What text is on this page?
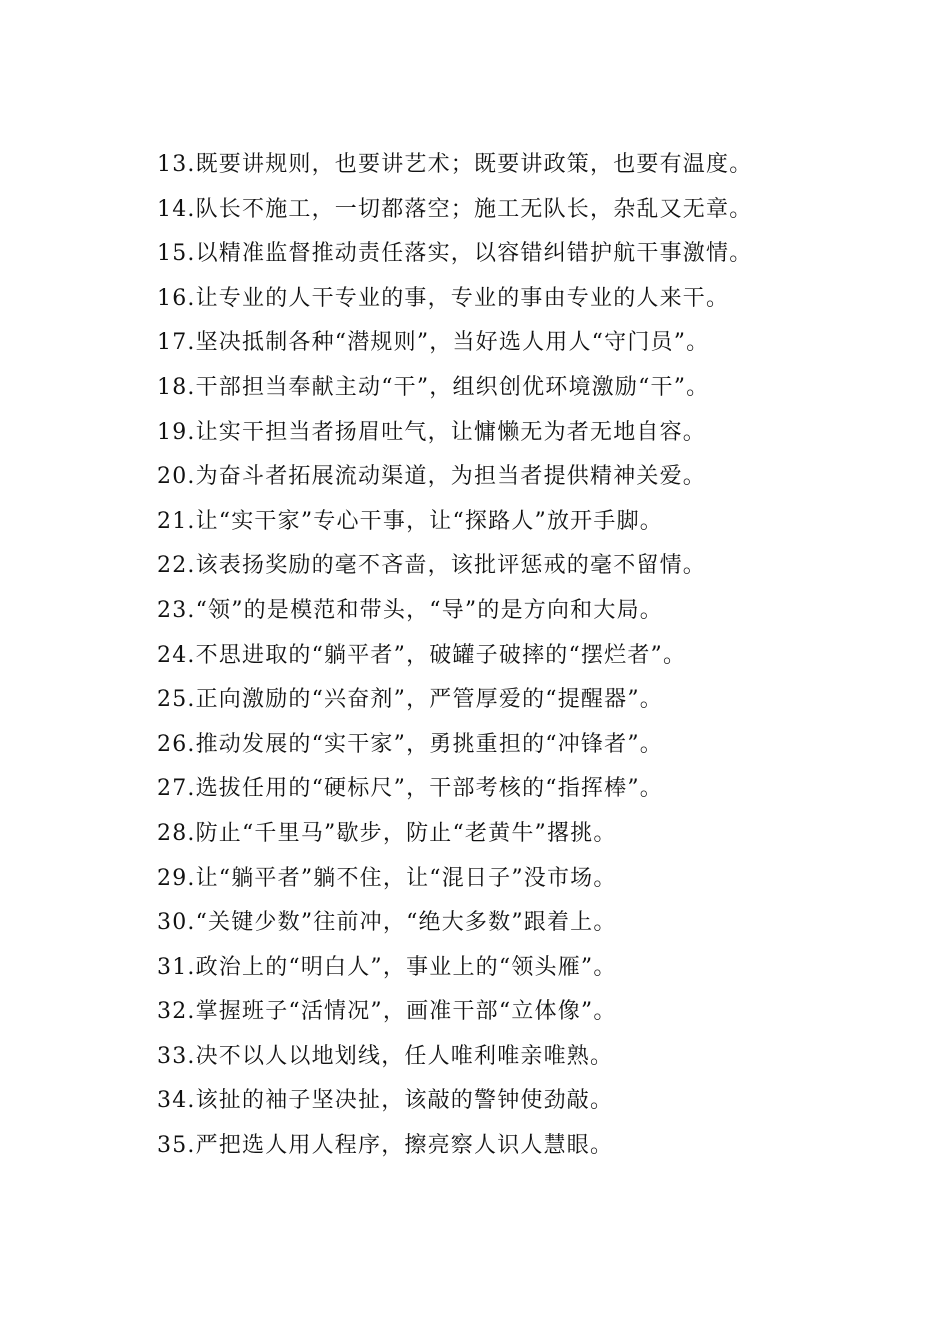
13.既要讲规则，也要讲艺术；既要讲政策，也要有温度。
14.队长不施工，一切都落空；施工无队长，杂乱又无章。
15.以精准监督推动责任落实，以容错纠错护航干事激情。
16.让专业的人干专业的事，专业的事由专业的人来干。
17.坚决抵制各种“潜规则”，当好选人用人“守门员”。
18.干部担当奉献主动“干”，组织创优环境激励“干”。
19.让实干担当者扬眉吐气，让慵懒无为者无地自容。
20.为奋斗者拓展流动渠道，为担当者提供精神关爱。
21.让“实干家”专心干事，让“探路人”放开手脚。
22.该表扬奖励的毫不吝啬，该批评惩戒的毫不留情。
23.“领”的是模范和带头，“导”的是方向和大局。
24.不思进取的“躺平者”，破罐子破摔的“摆烂者”。
25.正向激励的“兴奋剂”，严管厚爱的“提醒器”。
26.推动发展的“实干家”，勇挑重担的“冲锋者”。
27.选拔任用的“硬标尺”，干部考核的“指挥棒”。
28.防止“千里马”歇步，防止“老黄牛”撂挑。
29.让“躺平者”躺不住，让“混日子”没市场。
30.“关键少数”往前冲，“绝大多数”跟着上。
31.政治上的“明白人”，事业上的“领头雁”。
32.掌握班子“活情况”，画准干部“立体像”。
33.决不以人以地划线，任人唯利唯亲唯熟。
34.该扯的袖子坚决扯，该敲的警钟使劲敲。
35.严把选人用人程序，擦亮察人识人慧眼。
